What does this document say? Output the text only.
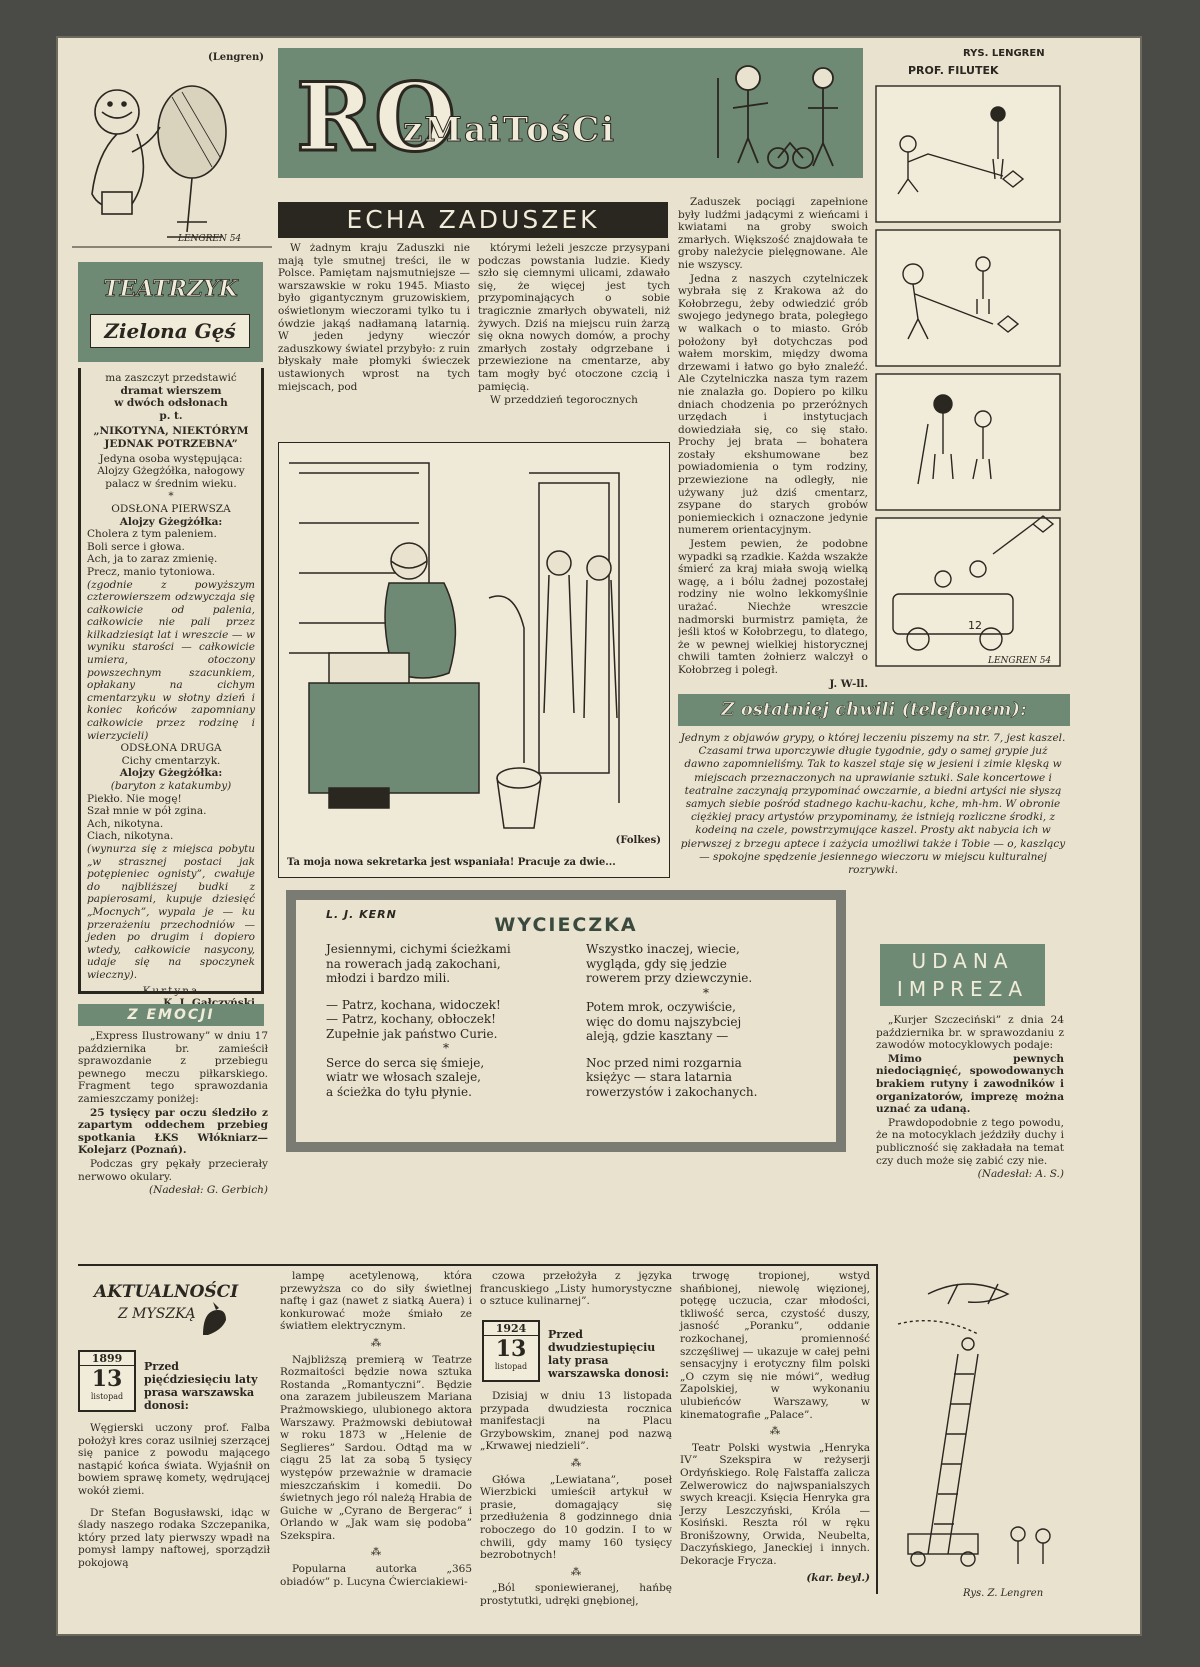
(Lengren)
LENGREN 54
RO
zMaiTośCi
RYS. LENGREN
PROF. FILUTEK
12
LENGREN 54
ECHA ZADUSZEK

W żadnym kraju Zaduszki nie mają tyle smutnej treści, ile w Polsce. Pamiętam najsmutniejsze — warszawskie w roku 1945. Miasto było gigantycznym gruzowiskiem, oświetlonym wieczorami tylko tu i ówdzie jakąś nadłamaną latarnią. W jeden jedyny wieczór zaduszkowy światel przybyło: z ruin błyskały małe płomyki świeczek ustawionych wprost na tych miejscach, pod

którymi leżeli jeszcze przysypani podczas powstania ludzie. Kiedy szło się ciemnymi ulicami, zdawało się, że więcej jest tych przypominających o sobie tragicznie zmarłych obywateli, niż żywych. Dziś na miejscu ruin żarzą się okna nowych domów, a prochy zmarłych zostały odgrzebane i przewiezione na cmentarze, aby tam mogły być otoczone czcią i pamięcią.

W przeddzień tegorocznych

Zaduszek pociągi zapełnione były ludźmi jadącymi z wieńcami i kwiatami na groby swoich zmarłych. Większość znajdowała te groby należycie pielęgnowane. Ale nie wszyscy.

Jedna z naszych czytelniczek wybrała się z Krakowa aż do Kołobrzegu, żeby odwiedzić grób swojego jedynego brata, poległego w walkach o to miasto. Grób położony był dotychczas pod wałem morskim, między dwoma drzewami i łatwo go było znaleźć. Ale Czytelniczka nasza tym razem nie znalazła go. Dopiero po kilku dniach chodzenia po przeróżnych urzędach i instytucjach dowiedziała się, co się stało. Prochy jej brata — bohatera zostały ekshumowane bez powiadomienia o tym rodziny, przewiezione na odległy, nie używany już dziś cmentarz, zsypane do starych grobów poniemieckich i oznaczone jedynie numerem orientacyjnym.

Jestem pewien, że podobne wypadki są rzadkie. Każda wszakże śmierć za kraj miała swoją wielką wagę, a i bólu żadnej pozostałej rodziny nie wolno lekkomyślnie urażać. Niechże wreszcie nadmorski burmistrz pamięta, że jeśli ktoś w Kołobrzegu, to dlatego, że w pewnej wielkiej historycznej chwili tamten żołnierz walczył o Kołobrzeg i poległ.

J. W-ll.
(Folkes)
Ta moja nowa sekretarka jest wspaniała! Pracuje za dwie...
TEATRZYK
Zielona Gęś
ma zaszczyt przedstawić
dramat wierszem
w dwóch odsłonach
p. t.
„NIKOTYNA, NIEKTÓRYM JEDNAK POTRZEBNA”
Jedyna osoba występująca: Alojzy Gżegżółka, nałogowy palacz w średnim wieku.
*
ODSŁONA PIERWSZA
Alojzy Gżegżółka:
Cholera z tym paleniem.
Boli serce i głowa.
Ach, ja to zaraz zmienię.
Precz, manio tytoniowa.
(zgodnie z powyższym czterowierszem odzwyczaja się całkowicie od palenia, całkowicie nie pali przez kilkadziesiąt lat i wreszcie — w wyniku starości — całkowicie umiera, otoczony powszechnym szacunkiem, opłakany na cichym cmentarzyku w słotny dzień i koniec końców zapomniany całkowicie przez rodzinę i wierzycieli)
ODSŁONA DRUGA
Cichy cmentarzyk.
Alojzy Gżegżółka:
(baryton z katakumby)
Piekło. Nie mogę!
Szał mnie w pół zgina.
Ach, nikotyna.
Ciach, nikotyna.
(wynurza się z miejsca pobytu „w strasznej postaci jak potępieniec ognisty”, cwałuje do najbliższej budki z papierosami, kupuje dziesięć „Mocnych”, wypala je — ku przerażeniu przechodniów — jeden po drugim i dopiero wtedy, całkowicie nasycony, udaje się na spoczynek wieczny).
Kurtyna
Z EMOCJI

„Express Ilustrowany” w dniu 17 października br. zamieścił sprawozdanie z przebiegu pewnego meczu piłkarskiego. Fragment tego sprawozdania zamieszczamy poniżej:

25 tysięcy par oczu śledziło z zapartym oddechem przebieg spotkania ŁKS Włókniarz—Kolejarz (Poznań).

Podczas gry pękały przecierały nerwowo okulary.

(Nadesłał: G. Gerbich)
Z ostatniej chwili (telefonem):
Jednym z objawów grypy, o której leczeniu piszemy na str. 7, jest kaszel. Czasami trwa uporczywie długie tygodnie, gdy o samej grypie już dawno zapomnieliśmy. Tak to kaszel staje się w jesieni i zimie klęską w miejscach przeznaczonych na uprawianie sztuki. Sale koncertowe i teatralne zaczynają przypominać owczarnie, a biedni artyści nie słyszą samych siebie pośród stadnego kachu-kachu, kche, mh-hm. W obronie ciężkiej pracy artystów przypominamy, że istnieją rozliczne środki, z kodeiną na czele, powstrzymujące kaszel. Prosty akt nabycia ich w pierwszej z brzegu aptece i zażycia umożliwi także i Tobie — o, kaszlący — spokojne spędzenie jesiennego wieczoru w miejscu kulturalnej rozrywki.
L. J. KERN	WYCIECZKA
Jesiennymi, cichymi ścieżkami
na rowerach jadą zakochani,
młodzi i bardzo mili.
— Patrz, kochana, widoczek!
— Patrz, kochany, obłoczek!
Zupełnie jak państwo Curie.
*
Serce do serca się śmieje,
wiatr we włosach szaleje,
a ścieżka do tyłu płynie.
Wszystko inaczej, wiecie,
wygląda, gdy się jedzie
rowerem przy dziewczynie.
*
Potem mrok, oczywiście,
więc do domu najszybciej
aleją, gdzie kasztany —
Noc przed nimi rozgarnia
księżyc — stara latarnia
rowerzystów i zakochanych.
UDANA
IMPREZA

„Kurjer Szczeciński” z dnia 24 października br. w sprawozdaniu z zawodów motocyklowych podaje:

Mimo pewnych niedociągnięć, spowodowanych brakiem rutyny i zawodników i organizatorów, imprezę można uznać za udaną.

Prawdopodobnie z tego powodu, że na motocyklach jeździły duchy i publiczność się zakładała na temat czy duch może się zabić czy nie.

(Nadesłał: A. S.)
AKTUALNOŚCI
Z MYSZKĄ
1899
13
listopad
Przed pięćdziesięciu laty prasa warszawska donosi:

Węgierski uczony prof. Falba położył kres coraz usilniej szerzącej się panice z powodu mającego nastąpić końca świata. Wyjaśnił on bowiem sprawę komety, wędrującej wokół ziemi.

Dr Stefan Bogusławski, idąc w ślady naszego rodaka Szczepanika, który przed laty pierwszy wpadł na pomysł lampy naftowej, sporządził pokojową

lampę acetylenową, która przewyższa co do siły świetlnej naftę i gaz (nawet z siatką Auera) i konkurować może śmiało ze światłem elektrycznym.

⁂

Najbliższą premierą w Teatrze Rozmaitości będzie nowa sztuka Rostanda „Romantyczni”. Będzie ona zarazem jubileuszem Mariana Prażmowskiego, ulubionego aktora Warszawy. Prażmowski debiutował w roku 1873 w „Helenie de Seglieres” Sardou. Odtąd ma w ciągu 25 lat za sobą 5 tysięcy występów przeważnie w dramacie mieszczańskim i komedii. Do świetnych jego ról należą Hrabia de Guiche w „Cyrano de Bergerac” i Orlando w „Jak wam się podoba” Szekspira.

⁂

Popularna autorka „365 obiadów” p. Lucyna Ćwierciakiewi-

czowa przełożyła z języka francuskiego „Listy humorystyczne o sztuce kulinarnej”.

1924
13
listopad
Przed dwudziestupięciu laty prasa warszawska donosi:

Dzisiaj w dniu 13 listopada przypada dwudziesta rocznica manifestacji na Placu Grzybowskim, znanej pod nazwą „Krwawej niedzieli”.

⁂

Główa „Lewiatana”, poseł Wierzbicki umieścił artykuł w prasie, domagający się przedłużenia 8 godzinnego dnia roboczego do 10 godzin. I to w chwili, gdy mamy 160 tysięcy bezrobotnych!

⁂

„Ból sponiewieranej, hańbę prostytutki, udręki gnębionej,

trwogę tropionej, wstyd shańbionej, niewolę więzionej, potęgę uczucia, czar młodości, tkliwość serca, czystość duszy, jasność „Poranku”, oddanie rozkochanej, promienność szczęśliwej — ukazuje w całej pełni sensacyjny i erotyczny film polski „O czym się nie mówi”, według Zapolskiej, w wykonaniu ulubieńców Warszawy, w kinematografie „Palace”.

⁂

Teatr Polski wystwia „Henryka IV” Szekspira w reżyserji Ordyńskiego. Rolę Falstaffa zalicza Zelwerowicz do najwspanialszych swych kreacji. Księcia Henryka gra Jerzy Leszczyński, Króla — Kosiński. Reszta ról w ręku Bronišzowny, Orwida, Neubelta, Daczyńskiego, Janeckiej i innych. Dekoracje Frycza.

(kar. beyl.)
Rys. Z. Lengren
